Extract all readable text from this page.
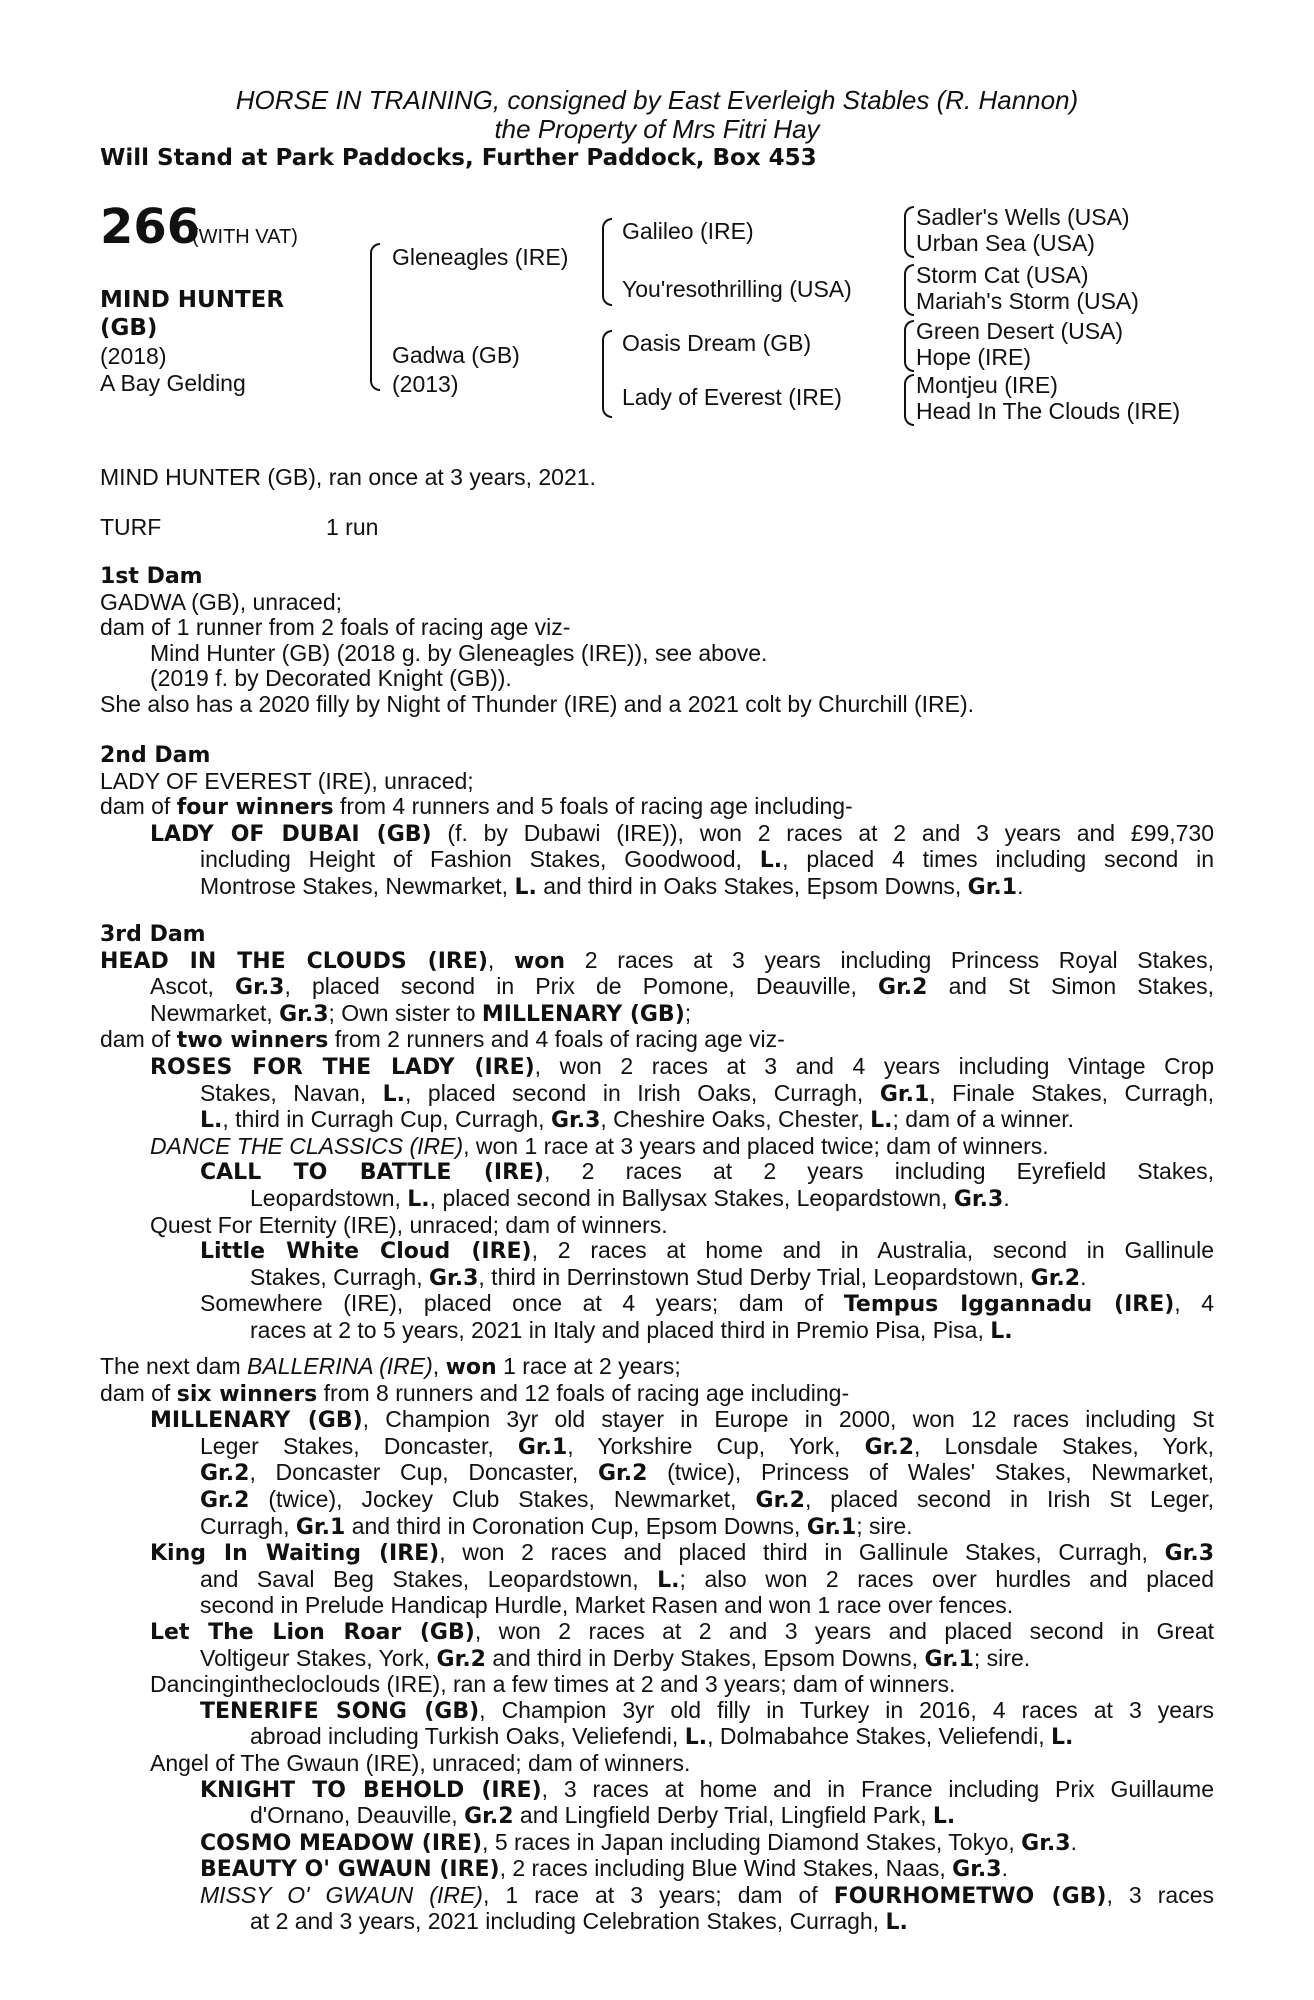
HORSE IN TRAINING, consigned by East Everleigh Stables (R. Hannon)
the Property of Mrs Fitri Hay
Will Stand at Park Paddocks, Further Paddock, Box 453
266
(WITH VAT)
MIND HUNTER
(GB)
(2018)
A Bay Gelding
Gleneagles (IRE)
Gadwa (GB)
(2013)
Galileo (IRE)
You'resothrilling (USA)
Oasis Dream (GB)
Lady of Everest (IRE)
Sadler's Wells (USA)
Urban Sea (USA)
Storm Cat (USA)
Mariah's Storm (USA)
Green Desert (USA)
Hope (IRE)
Montjeu (IRE)
Head In The Clouds (IRE)
MIND HUNTER (GB), ran once at 3 years, 2021.
TURF	1 run
1st Dam
GADWA (GB), unraced;
dam of 1 runner from 2 foals of racing age viz-
Mind Hunter (GB) (2018 g. by Gleneagles (IRE)), see above.
(2019 f. by Decorated Knight (GB)).
She also has a 2020 filly by Night of Thunder (IRE) and a 2021 colt by Churchill (IRE).
2nd Dam
LADY OF EVEREST (IRE), unraced;
dam of four winners from 4 runners and 5 foals of racing age including-
LADY OF DUBAI (GB) (f. by Dubawi (IRE)), won 2 races at 2 and 3 years and £99,730
including Height of Fashion Stakes, Goodwood, L., placed 4 times including second in
Montrose Stakes, Newmarket, L. and third in Oaks Stakes, Epsom Downs, Gr.1.
3rd Dam
HEAD IN THE CLOUDS (IRE), won 2 races at 3 years including Princess Royal Stakes,
Ascot, Gr.3, placed second in Prix de Pomone, Deauville, Gr.2 and St Simon Stakes,
Newmarket, Gr.3; Own sister to MILLENARY (GB);
dam of two winners from 2 runners and 4 foals of racing age viz-
ROSES FOR THE LADY (IRE), won 2 races at 3 and 4 years including Vintage Crop
Stakes, Navan, L., placed second in Irish Oaks, Curragh, Gr.1, Finale Stakes, Curragh,
L., third in Curragh Cup, Curragh, Gr.3, Cheshire Oaks, Chester, L.; dam of a winner.
DANCE THE CLASSICS (IRE), won 1 race at 3 years and placed twice; dam of winners.
CALL TO BATTLE (IRE), 2 races at 2 years including Eyrefield Stakes,
Leopardstown, L., placed second in Ballysax Stakes, Leopardstown, Gr.3.
Quest For Eternity (IRE), unraced; dam of winners.
Little White Cloud (IRE), 2 races at home and in Australia, second in Gallinule
Stakes, Curragh, Gr.3, third in Derrinstown Stud Derby Trial, Leopardstown, Gr.2.
Somewhere (IRE), placed once at 4 years; dam of Tempus Iggannadu (IRE), 4
races at 2 to 5 years, 2021 in Italy and placed third in Premio Pisa, Pisa, L.
The next dam BALLERINA (IRE), won 1 race at 2 years;
dam of six winners from 8 runners and 12 foals of racing age including-
MILLENARY (GB), Champion 3yr old stayer in Europe in 2000, won 12 races including St
Leger Stakes, Doncaster, Gr.1, Yorkshire Cup, York, Gr.2, Lonsdale Stakes, York,
Gr.2, Doncaster Cup, Doncaster, Gr.2 (twice), Princess of Wales' Stakes, Newmarket,
Gr.2 (twice), Jockey Club Stakes, Newmarket, Gr.2, placed second in Irish St Leger,
Curragh, Gr.1 and third in Coronation Cup, Epsom Downs, Gr.1; sire.
King In Waiting (IRE), won 2 races and placed third in Gallinule Stakes, Curragh, Gr.3
and Saval Beg Stakes, Leopardstown, L.; also won 2 races over hurdles and placed
second in Prelude Handicap Hurdle, Market Rasen and won 1 race over fences.
Let The Lion Roar (GB), won 2 races at 2 and 3 years and placed second in Great
Voltigeur Stakes, York, Gr.2 and third in Derby Stakes, Epsom Downs, Gr.1; sire.
Dancinginthecloclouds (IRE), ran a few times at 2 and 3 years; dam of winners.
TENERIFE SONG (GB), Champion 3yr old filly in Turkey in 2016, 4 races at 3 years
abroad including Turkish Oaks, Veliefendi, L., Dolmabahce Stakes, Veliefendi, L.
Angel of The Gwaun (IRE), unraced; dam of winners.
KNIGHT TO BEHOLD (IRE), 3 races at home and in France including Prix Guillaume
d'Ornano, Deauville, Gr.2 and Lingfield Derby Trial, Lingfield Park, L.
COSMO MEADOW (IRE), 5 races in Japan including Diamond Stakes, Tokyo, Gr.3.
BEAUTY O' GWAUN (IRE), 2 races including Blue Wind Stakes, Naas, Gr.3.
MISSY O' GWAUN (IRE), 1 race at 3 years; dam of FOURHOMETWO (GB), 3 races
at 2 and 3 years, 2021 including Celebration Stakes, Curragh, L.
